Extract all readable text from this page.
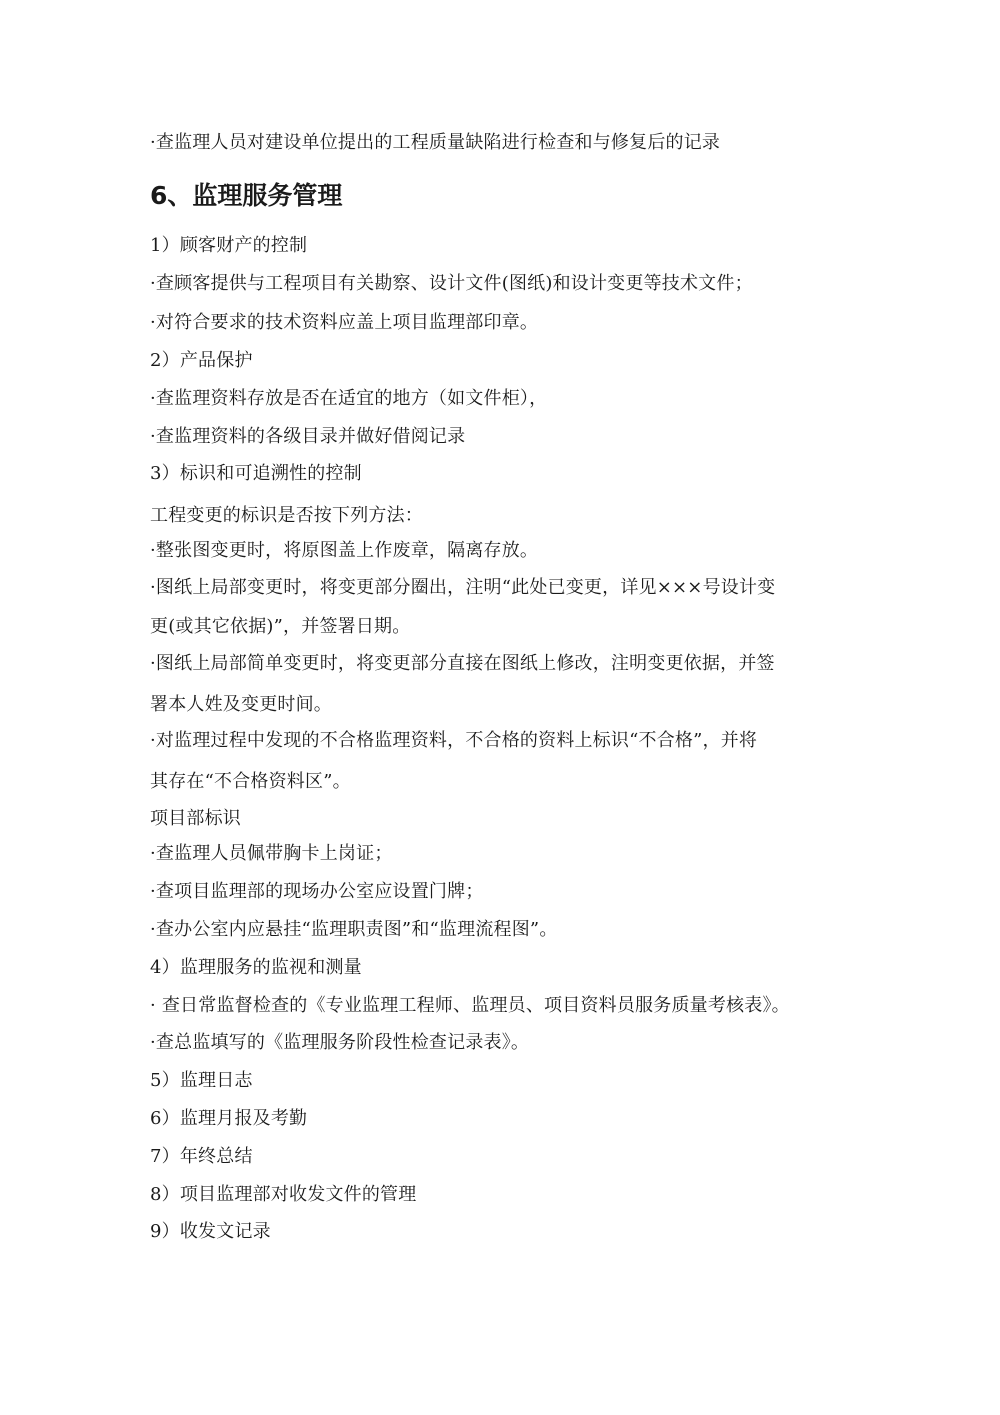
·查监理人员对建设单位提出的工程质量缺陷进行检查和与修复后的记录
6、监理服务管理
1）顾客财产的控制
·查顾客提供与工程项目有关勘察、设计文件(图纸)和设计变更等技术文件；
·对符合要求的技术资料应盖上项目监理部印章。
2）产品保护
·查监理资料存放是否在适宜的地方（如文件柜），
·查监理资料的各级目录并做好借阅记录
3）标识和可追溯性的控制
工程变更的标识是否按下列方法：
·整张图变更时，将原图盖上作废章，隔离存放。
·图纸上局部变更时，将变更部分圈出，注明“此处已变更，详见×××号设计变
更(或其它依据)”，并签署日期。
·图纸上局部简单变更时，将变更部分直接在图纸上修改，注明变更依据，并签
署本人姓及变更时间。
·对监理过程中发现的不合格监理资料，不合格的资料上标识“不合格”，并将
其存在“不合格资料区”。
项目部标识
·查监理人员佩带胸卡上岗证；
·查项目监理部的现场办公室应设置门牌；
·查办公室内应悬挂“监理职责图”和“监理流程图”。
4）监理服务的监视和测量
· 查日常监督检查的《专业监理工程师、监理员、项目资料员服务质量考核表》。
·查总监填写的《监理服务阶段性检查记录表》。
5）监理日志
6）监理月报及考勤
7）年终总结
8）项目监理部对收发文件的管理
9）收发文记录
